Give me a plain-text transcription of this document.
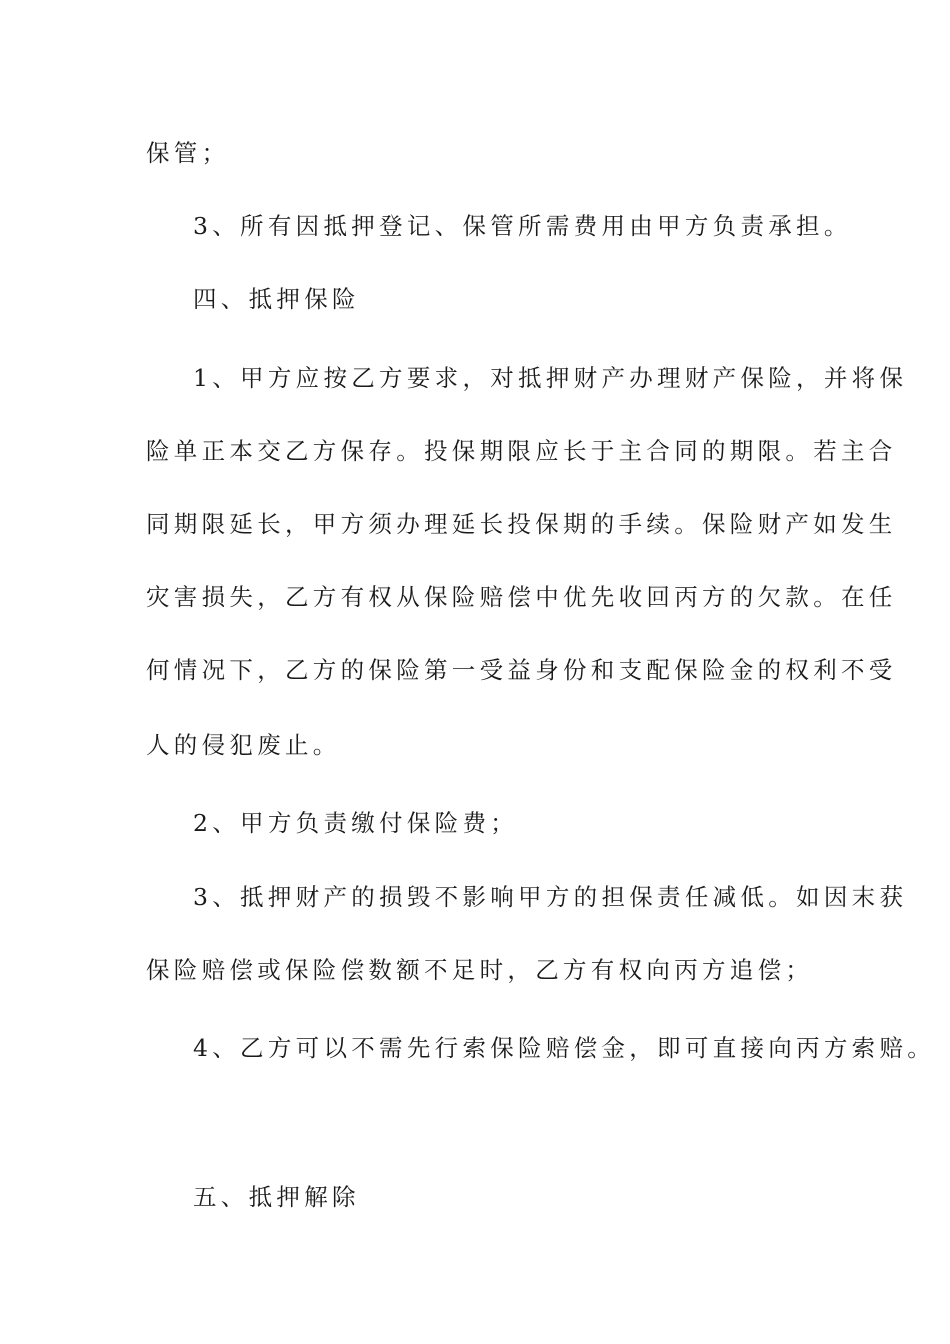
保管；
3、所有因抵押登记、保管所需费用由甲方负责承担。
四、抵押保险
1、甲方应按乙方要求，对抵押财产办理财产保险，并将保
险单正本交乙方保存。投保期限应长于主合同的期限。若主合
同期限延长，甲方须办理延长投保期的手续。保险财产如发生
灾害损失，乙方有权从保险赔偿中优先收回丙方的欠款。在任
何情况下，乙方的保险第一受益身份和支配保险金的权利不受
人的侵犯废止。
2、甲方负责缴付保险费；
3、抵押财产的损毁不影响甲方的担保责任减低。如因末获
保险赔偿或保险偿数额不足时，乙方有权向丙方追偿；
4、乙方可以不需先行索保险赔偿金，即可直接向丙方索赔。
五、抵押解除
